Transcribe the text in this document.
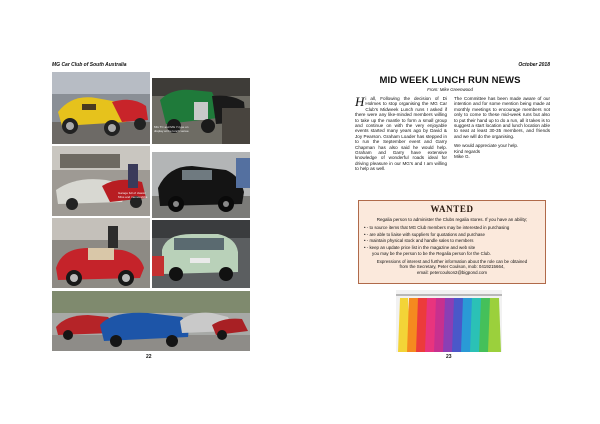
MG Car Club of South Australia
MG TC and MG Y-type on display at the lunch venue
Garage full of classic MGs and memorabilia
22
October 2018
MID WEEK LUNCH RUN NEWS
From: Mike Greenwood
Hi all, Following the decision of Di Holmes to stop organising the MG Car Club's Midweek Lunch runs I asked if there were any like-minded members willing to take up the mantle to form a small group and continue on with the very enjoyable events started many years ago by David & Joy Pearson. Graham Loader has stepped in to run the September event and Garry Chapman has also said he would help. Graham and Garry have extensive knowledge of wonderful roads ideal for driving pleasure in our MG's and I am willing to help as well.

The Committee has been made aware of our intention and for some mention being made at monthly meetings to encourage members not only to come to these mid-week runs but also to put their hand up to do a run, all it takes is to suggest a start location and lunch location able to seat at least 30-35 members, and friends and we will do the organising.

We would appreciate your help.

Kind regards

Mike G.

WANTED
Regalia person to administer the Clubs regalia stores. If you have an ability;
• - to source items that MG Club members may be interested in purchasing
• - are able to liaise with suppliers for quotations and purchase
• - maintain physical stock and handle sales to members
• - keep an update price list in the magazine and web site
you may be the person to be the Regalia person for the Club.
Expressions of interest and further information about the role can be obtained
from the Secretary, Peter Coulson, mob: 0419215664,
email: petercoulson2@bigpond.com
23
